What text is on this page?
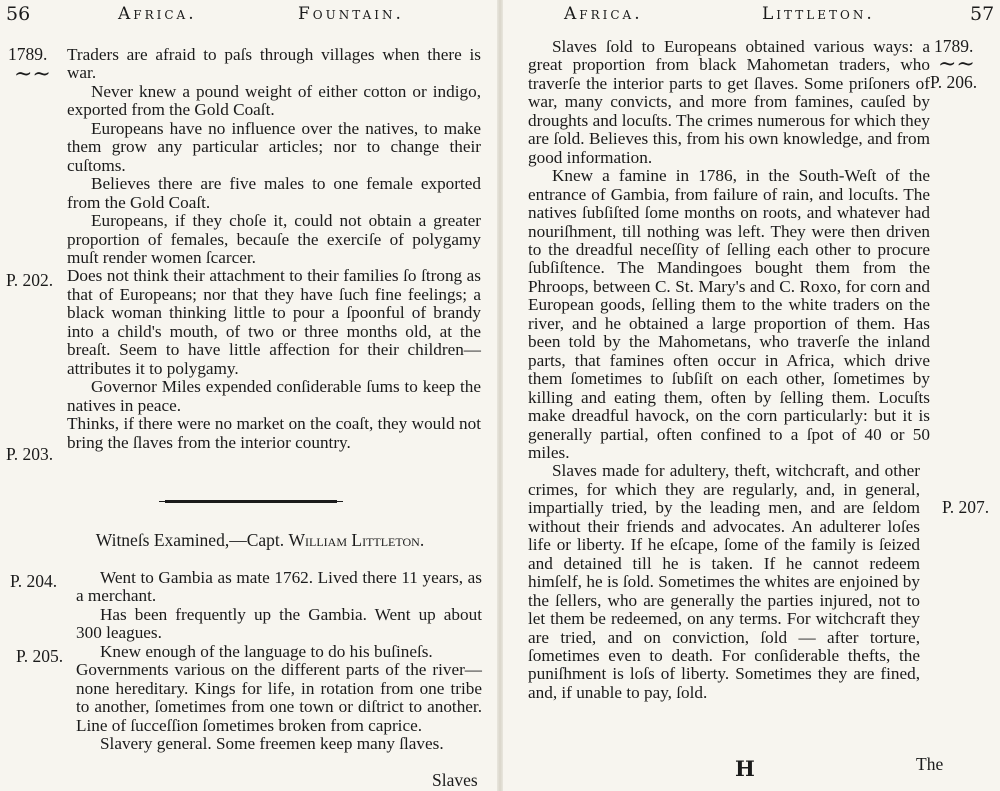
56	Africa.	Fountain.
1789.
~~
P. 202.
P. 203.

Traders are afraid to paſs through villages when there is war.

Never knew a pound weight of either cotton or indigo, exported from the Gold Coaſt.

Europeans have no influence over the natives, to make them grow any particular articles; nor to change their cuſtoms.

Believes there are five males to one female exported from the Gold Coaſt.

Europeans, if they choſe it, could not obtain a greater proportion of females, becauſe the exerciſe of polygamy muſt render women ſcarcer.

Does not think their attachment to their families ſo ſtrong as that of Europeans; nor that they have ſuch fine feelings; a black woman thinking little to pour a ſpoonful of brandy into a child's mouth, of two or three months old, at the breaſt. Seem to have little affection for their children—attributes it to polygamy.

Governor Miles expended conſiderable ſums to keep the natives in peace.

Thinks, if there were no market on the coaſt, they would not bring the ſlaves from the interior country.

Witneſs Examined,—Capt. William Littleton.
P. 204.
P. 205.

Went to Gambia as mate 1762. Lived there 11 years, as a merchant.

Has been frequently up the Gambia. Went up about 300 leagues.

Knew enough of the language to do his buſineſs.

Governments various on the different parts of the river—none hereditary. Kings for life, in rotation from one tribe to another, ſometimes from one town or diſtrict to another. Line of ſucceſſion ſometimes broken from caprice.

Slavery general. Some freemen keep many ſlaves.

Slaves
Africa.	Littleton.	57
1789.
~~
P. 206.
P. 207.

Slaves ſold to Europeans obtained various ways: a great proportion from black Mahometan traders, who traverſe the interior parts to get ſlaves. Some priſoners of war, many convicts, and more from famines, cauſed by droughts and locuſts. The crimes numerous for which they are ſold. Believes this, from his own knowledge, and from good information.

Knew a famine in 1786, in the South-Weſt of the entrance of Gambia, from failure of rain, and locuſts. The natives ſubſiſted ſome months on roots, and whatever had nouriſhment, till nothing was left. They were then driven to the dreadful neceſſity of ſelling each other to procure ſubſiſtence. The Mandingoes bought them from the Phroops, between C. St. Mary's and C. Roxo, for corn and European goods, ſelling them to the white traders on the river, and he obtained a large proportion of them. Has been told by the Mahometans, who traverſe the inland parts, that famines often occur in Africa, which drive them ſometimes to ſubſiſt on each other, ſometimes by killing and eating them, often by ſelling them. Locuſts make dreadful havock, on the corn particularly: but it is generally partial, often confined to a ſpot of 40 or 50 miles.

Slaves made for adultery, theft, witchcraft, and other crimes, for which they are regularly, and, in general, impartially tried, by the leading men, and are ſeldom without their friends and advocates. An adulterer loſes life or liberty. If he eſcape, ſome of the family is ſeized and detained till he is taken. If he cannot redeem himſelf, he is ſold. Sometimes the whites are enjoined by the ſellers, who are generally the parties injured, not to let them be redeemed, on any terms. For witchcraft they are tried, and on conviction, ſold — after torture, ſometimes even to death. For conſiderable thefts, the puniſhment is loſs of liberty. Sometimes they are fined, and, if unable to pay, ſold.

H	The
